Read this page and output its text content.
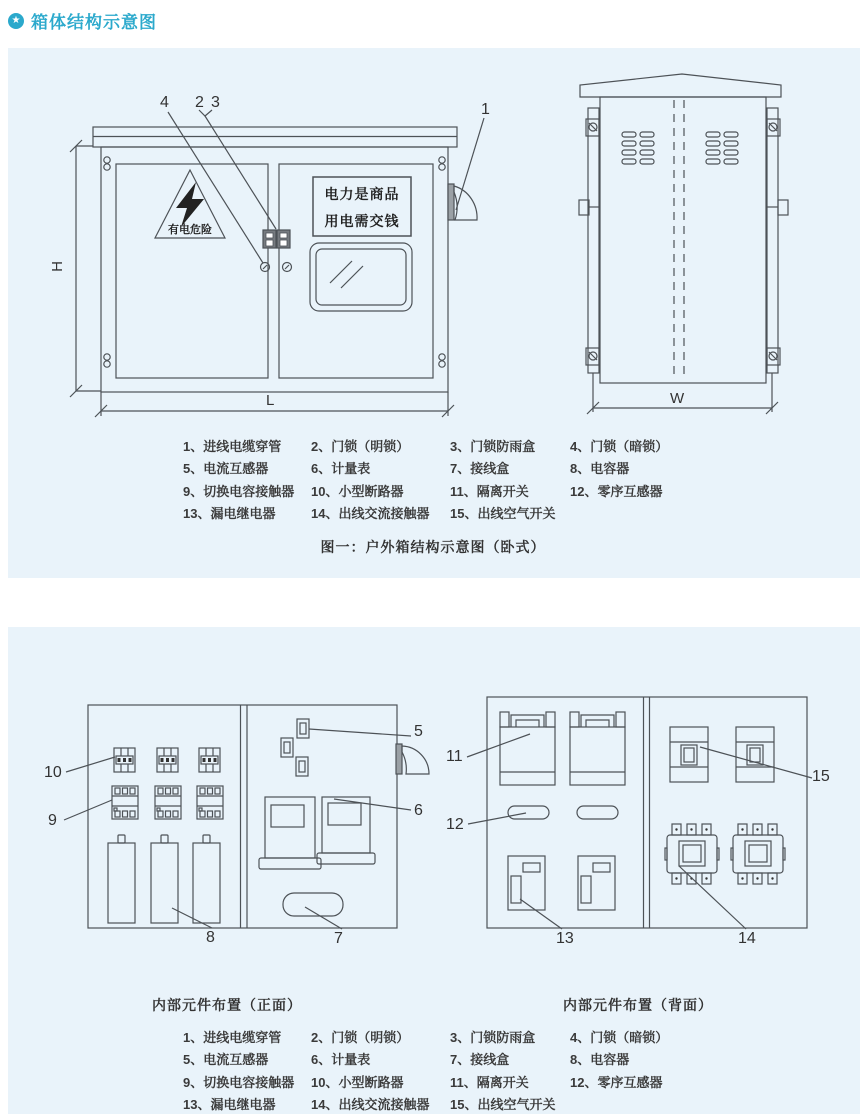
★ 箱体结构示意图
有电危险
电力是商品
用电需交钱
4 2 3	1
H
L	W
图一：户外箱结构示意图（卧式）
1、进线电缆穿管	2、门锁（明锁）	3、门锁防雨盒	4、门锁（暗锁）
5、电流互感器	6、计量表	7、接线盒	8、电容器
9、切换电容接触器	10、小型断路器	11、隔离开关	12、零序互感器
13、漏电继电器	14、出线交流接触器	15、出线空气开关
10
9
8
5
6
7
11
12
13	14
15
内部元件布置（正面）	内部元件布置（背面）
1、进线电缆穿管	2、门锁（明锁）	3、门锁防雨盒	4、门锁（暗锁）
5、电流互感器	6、计量表	7、接线盒	8、电容器
9、切换电容接触器	10、小型断路器	11、隔离开关	12、零序互感器
13、漏电继电器	14、出线交流接触器	15、出线空气开关
